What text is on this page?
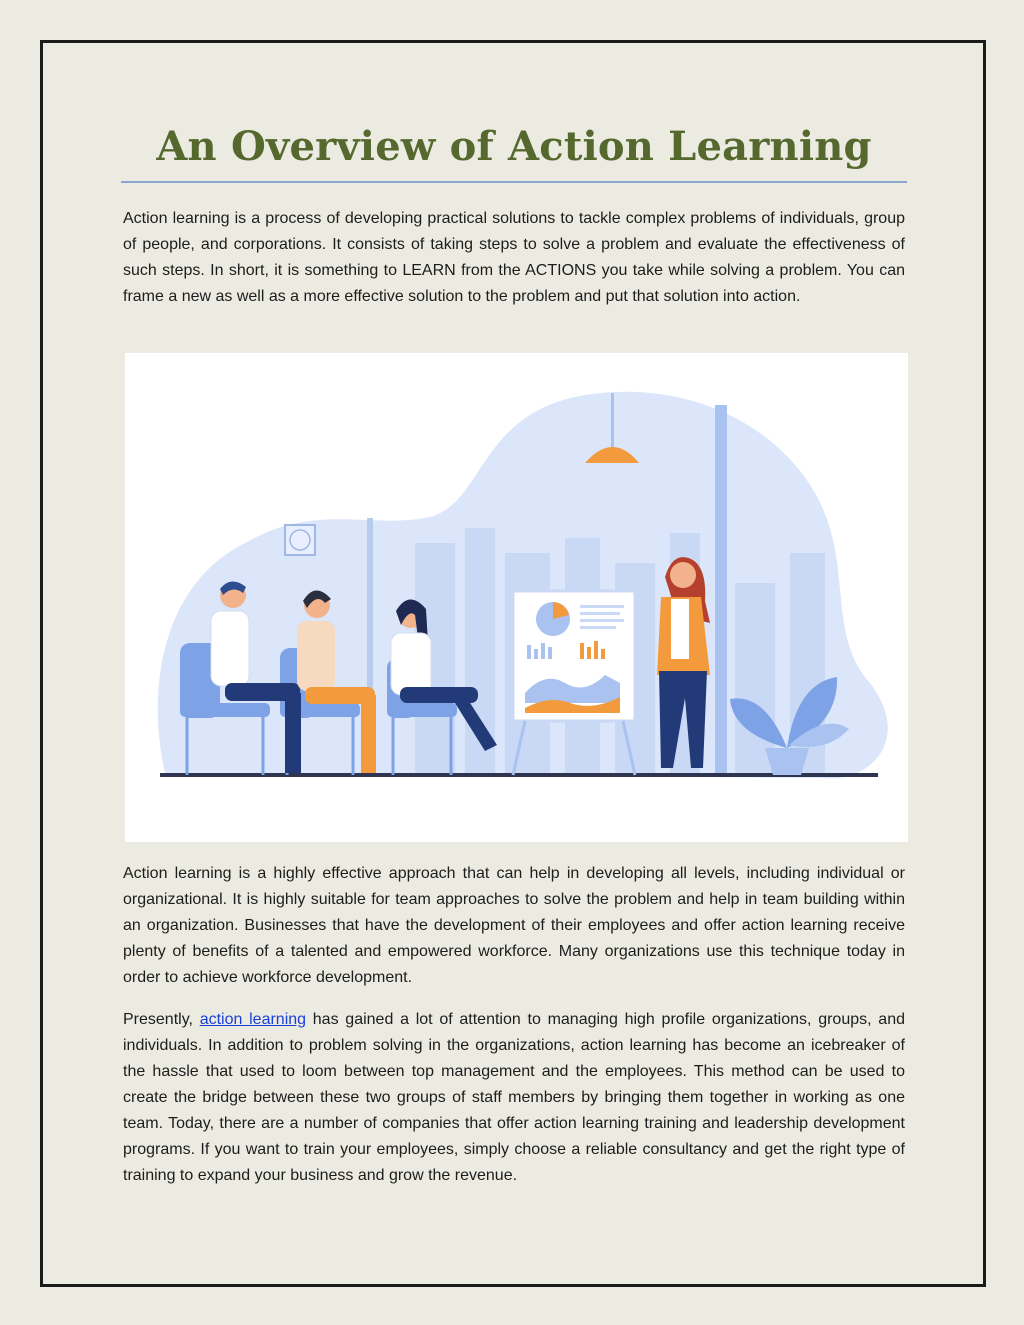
An Overview of Action Learning

Action learning is a process of developing practical solutions to tackle complex problems of individuals, group of people, and corporations. It consists of taking steps to solve a problem and evaluate the effectiveness of such steps. In short, it is something to LEARN from the ACTIONS you take while solving a problem. You can frame a new as well as a more effective solution to the problem and put that solution into action.

Action learning is a highly effective approach that can help in developing all levels, including individual or organizational. It is highly suitable for team approaches to solve the problem and help in team building within an organization. Businesses that have the development of their employees and offer action learning receive plenty of benefits of a talented and empowered workforce. Many organizations use this technique today in order to achieve workforce development.

Presently, action learning has gained a lot of attention to managing high profile organizations, groups, and individuals. In addition to problem solving in the organizations, action learning has become an icebreaker of the hassle that used to loom between top management and the employees. This method can be used to create the bridge between these two groups of staff members by bringing them together in working as one team. Today, there are a number of companies that offer action learning training and leadership development programs. If you want to train your employees, simply choose a reliable consultancy and get the right type of training to expand your business and grow the revenue.
